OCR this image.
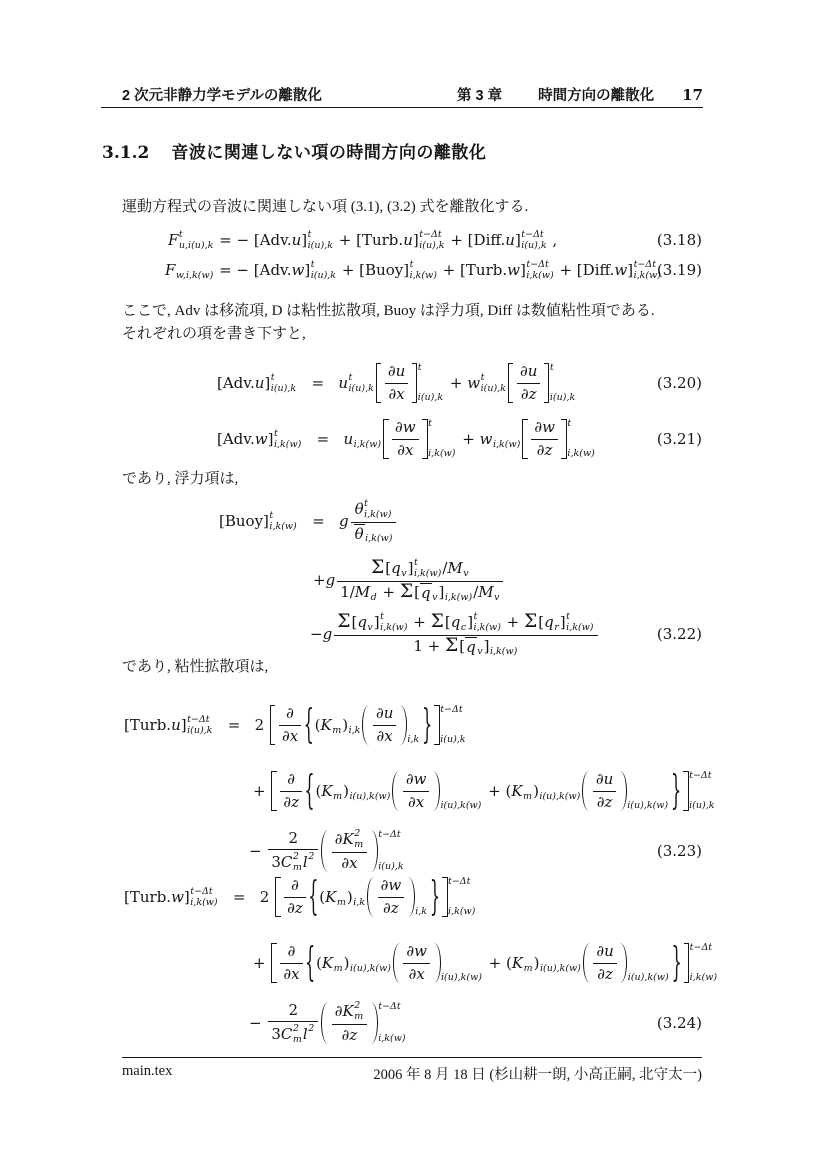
2 次元非静力学モデルの離散化	第 3 章 時間方向の離散化 17
3.1.2 音波に関連しない項の時間方向の離散化
運動方程式の音波に関連しない項 (3.1), (3.2) 式を離散化する.
F t
u,i(u),k = − [ Adv. u ] t
i(u),k + [ Turb. u ] t−Δt
i(u),k + [ Diff. u ] t−Δt
i(u),k ,	(3.18)
F w,i,k(w) = − [ Adv. w ] t
i(u),k + [ Buoy] t
i,k(w) + [ Turb. w ] t−Δt
i,k(w) + [ Diff. w ] t−Δt
i,k(w)
(3.19)
ここで, Adv は移流項, D は粘性拡散項, Buoy は浮力項, Diff は数値粘性項である.
それぞれの項を書き下すと,
[Adv. u ] t
i(u),k = u t
i(u),k
∂u
∂x
t
i(u),k
+ w t
i(u),k
∂u
∂z
t
i(u),k
(3.20)
[Adv. w ] t
i,k(w) = u i,k(w)
∂w
∂x
t
i,k(w)
+ w i,k(w)
∂w
∂z
t
i,k(w)
(3.21)
であり, 浮力項は,
[Buoy] t
i,k(w) = g
θ t
i,k(w)
θ i,k(w)
+ g
Σ [ q v ] t
i,k(w) / M v
1/ M d + Σ [ q v ] i,k(w) / M v
− g
Σ [ q v ] t
i,k(w) + Σ [ q c ] t
i,k(w) + Σ [ q r ] t
i,k(w)
1 + Σ [ q v ] i,k(w)
(3.22)
であり, 粘性拡散項は,
[Turb. u ] t−Δt
i(u),k =   2
∂
∂x { ( K m ) i,k
∂u
∂x i,k } t−Δt
i(u),k
+
∂
∂z { ( K m ) i(u),k(w)
∂w
∂x i(u),k(w)
+ ( K m ) i(u),k(w)
∂u
∂z i(u),k(w) } t−Δt
i(u),k
−
2
3 C 2
m l 2
∂K 2
m
∂x
t−Δt
i(u),k
(3.23)
[Turb. w ] t−Δt
i,k(w) =   2
∂
∂z { ( K m ) i,k
∂w
∂z i,k } t−Δt
i,k(w)
+
∂
∂x { ( K m ) i(u),k(w)
∂w
∂x i(u),k(w)
+ ( K m ) i(u),k(w)
∂u
∂z i(u),k(w) } t−Δt
i,k(w)
−
2
3 C 2
m l 2
∂K 2
m
∂z
t−Δt
i,k(w)
(3.24)
main.tex	2006 年 8 月 18 日 (杉山耕一朗, 小高正嗣, 北守太一)
